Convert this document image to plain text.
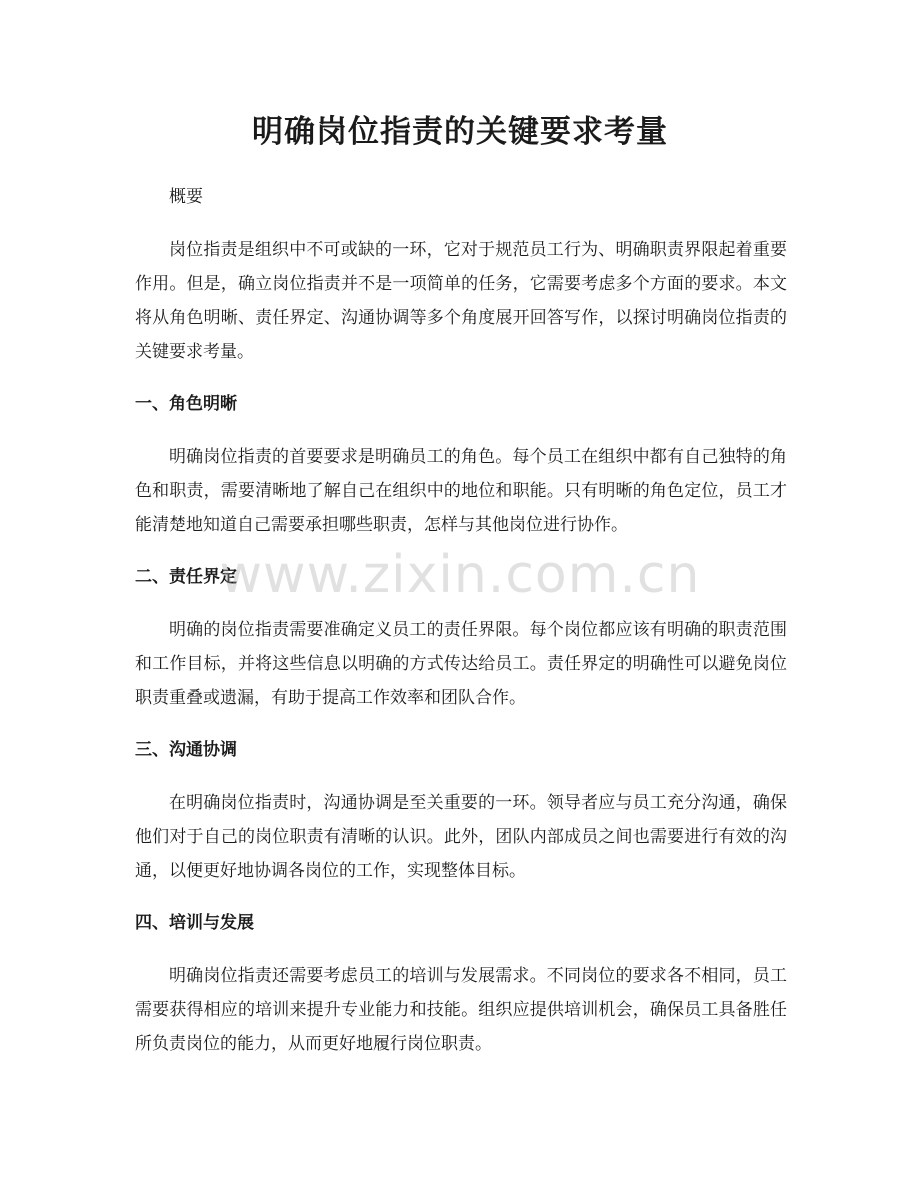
明确岗位指责的关键要求考量

概要

岗位指责是组织中不可或缺的一环，它对于规范员工行为、明确职责界限起着重要作用。但是，确立岗位指责并不是一项简单的任务，它需要考虑多个方面的要求。本文将从角色明晰、责任界定、沟通协调等多个角度展开回答写作，以探讨明确岗位指责的关键要求考量。

一、角色明晰

明确岗位指责的首要要求是明确员工的角色。每个员工在组织中都有自己独特的角色和职责，需要清晰地了解自己在组织中的地位和职能。只有明晰的角色定位，员工才能清楚地知道自己需要承担哪些职责，怎样与其他岗位进行协作。

二、责任界定

明确的岗位指责需要准确定义员工的责任界限。每个岗位都应该有明确的职责范围和工作目标，并将这些信息以明确的方式传达给员工。责任界定的明确性可以避免岗位职责重叠或遗漏，有助于提高工作效率和团队合作。

三、沟通协调

在明确岗位指责时，沟通协调是至关重要的一环。领导者应与员工充分沟通，确保他们对于自己的岗位职责有清晰的认识。此外，团队内部成员之间也需要进行有效的沟通，以便更好地协调各岗位的工作，实现整体目标。

四、培训与发展

明确岗位指责还需要考虑员工的培训与发展需求。不同岗位的要求各不相同，员工需要获得相应的培训来提升专业能力和技能。组织应提供培训机会，确保员工具备胜任所负责岗位的能力，从而更好地履行岗位职责。

www.zixin.com.cn
